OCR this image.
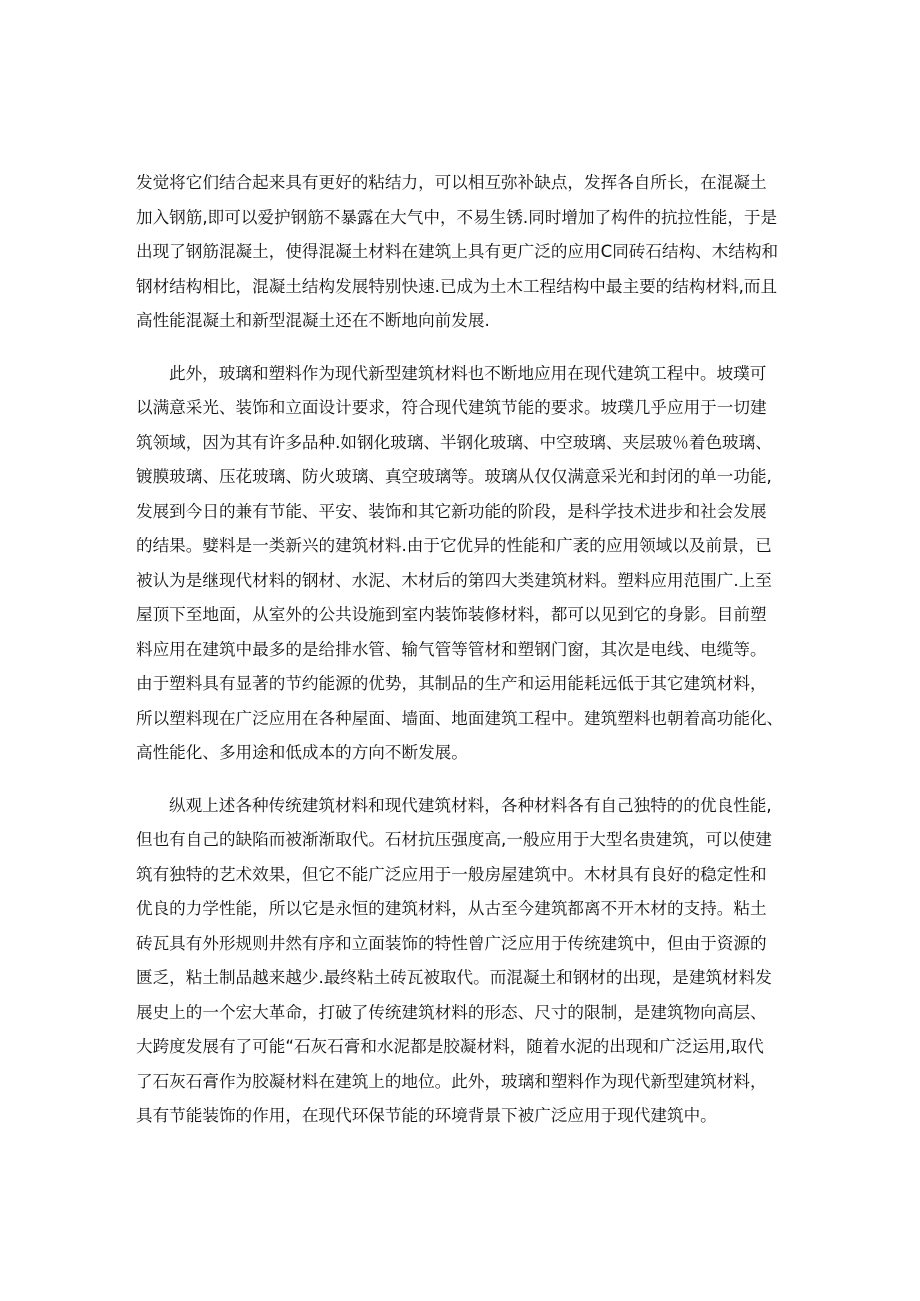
发觉将它们结合起来具有更好的粘结力，可以相互弥补缺点，发挥各自所长，在混凝土
加入钢筋,即可以爱护钢筋不暴露在大气中，不易生锈.同时增加了构件的抗拉性能，于是
出现了钢筋混凝土，使得混凝土材料在建筑上具有更广泛的应用C同砖石结构、木结构和
钢材结构相比，混凝土结构发展特别快速.已成为土木工程结构中最主要的结构材料,而且
高性能混凝土和新型混凝土还在不断地向前发展.
此外，玻璃和塑料作为现代新型建筑材料也不断地应用在现代建筑工程中。坡璞可
以满意采光、装饰和立面设计要求，符合现代建筑节能的要求。坡璞几乎应用于一切建
筑领域，因为其有许多品种.如钢化玻璃、半钢化玻璃、中空玻璃、夹层玻％着色玻璃、
镀膜玻璃、压花玻璃、防火玻璃、真空玻璃等。玻璃从仅仅满意采光和封闭的单一功能,
发展到今日的兼有节能、平安、装饰和其它新功能的阶段，是科学技术进步和社会发展
的结果。嬖料是一类新兴的建筑材料.由于它优异的性能和广袤的应用领域以及前景，已
被认为是继现代材料的钢材、水泥、木材后的第四大类建筑材料。塑料应用范围广.上至
屋顶下至地面，从室外的公共设施到室内装饰装修材料，都可以见到它的身影。目前塑
料应用在建筑中最多的是给排水管、输气管等管材和塑钢门窗，其次是电线、电缆等。
由于塑料具有显著的节约能源的优势，其制品的生产和运用能耗远低于其它建筑材料，
所以塑料现在广泛应用在各种屋面、墙面、地面建筑工程中。建筑塑料也朝着高功能化、
高性能化、多用途和低成本的方向不断发展。
纵观上述各种传统建筑材料和现代建筑材料，各种材料各有自己独特的的优良性能,
但也有自己的缺陷而被渐渐取代。石材抗压强度高,一般应用于大型名贵建筑，可以使建
筑有独特的艺术效果，但它不能广泛应用于一般房屋建筑中。木材具有良好的稳定性和
优良的力学性能，所以它是永恒的建筑材料，从古至今建筑都离不开木材的支持。粘土
砖瓦具有外形规则井然有序和立面装饰的特性曾广泛应用于传统建筑中，但由于资源的
匮乏，粘土制品越来越少.最终粘土砖瓦被取代。而混凝土和钢材的出现，是建筑材料发
展史上的一个宏大革命，打破了传统建筑材料的形态、尺寸的限制，是建筑物向高层、
大跨度发展有了可能“石灰石膏和水泥都是胶凝材料，随着水泥的出现和广泛运用,取代
了石灰石膏作为胶凝材料在建筑上的地位。此外，玻璃和塑料作为现代新型建筑材料，
具有节能装饰的作用，在现代环保节能的环境背景下被广泛应用于现代建筑中。
